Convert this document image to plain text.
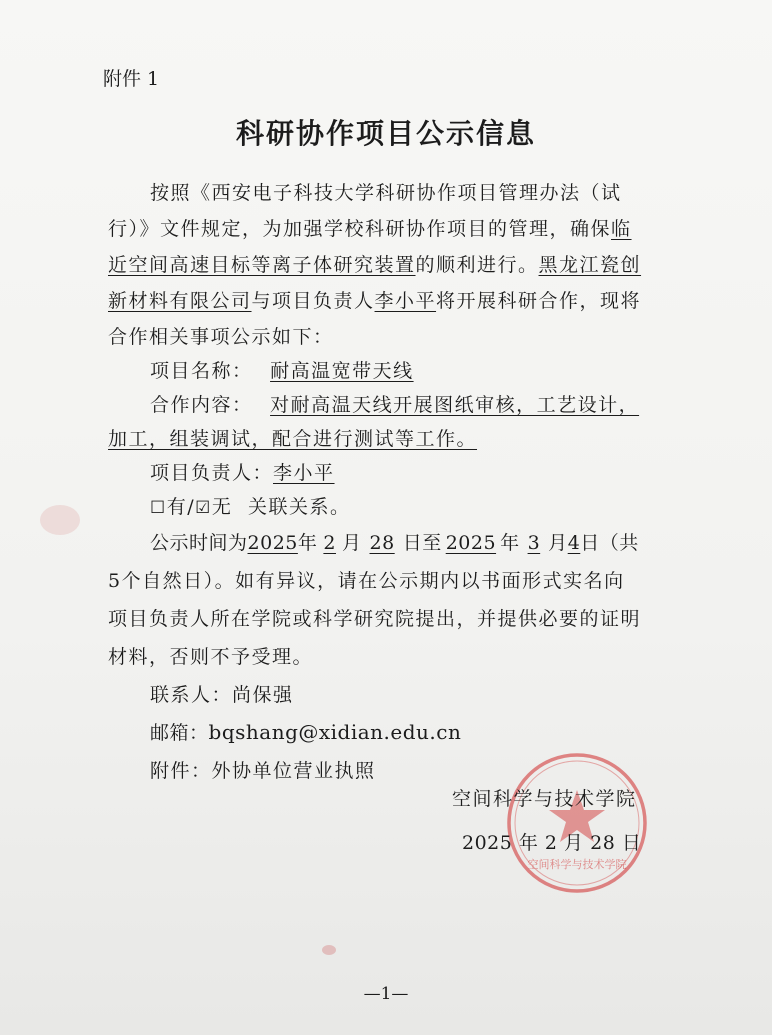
附件 1
科研协作项目公示信息
按照《西安电子科技大学科研协作项目管理办法（试
行）》文件规定，为加强学校科研协作项目的管理，确保临
近空间高速目标等离子体研究装置的顺利进行。黑龙江瓷创
新材料有限公司与项目负责人李小平将开展科研合作，现将
合作相关事项公示如下：
项目名称： 耐高温宽带天线
合作内容： 对耐高温天线开展图纸审核，工艺设计，
加工，组装调试，配合进行测试等工作。
项目负责人：李小平
☐有/☑无 关联关系。
公示时间为2025年 2 月 28 日至 2025 年 3 月4日（共
5个自然日）。如有异议，请在公示期内以书面形式实名向
项目负责人所在学院或科学研究院提出，并提供必要的证明
材料，否则不予受理。
联系人：尚保强
邮箱：bqshang@xidian.edu.cn
附件：外协单位营业执照
空间科学与技术学院
空间科学与技术学院
2025 年 2 月 28 日
—1—
